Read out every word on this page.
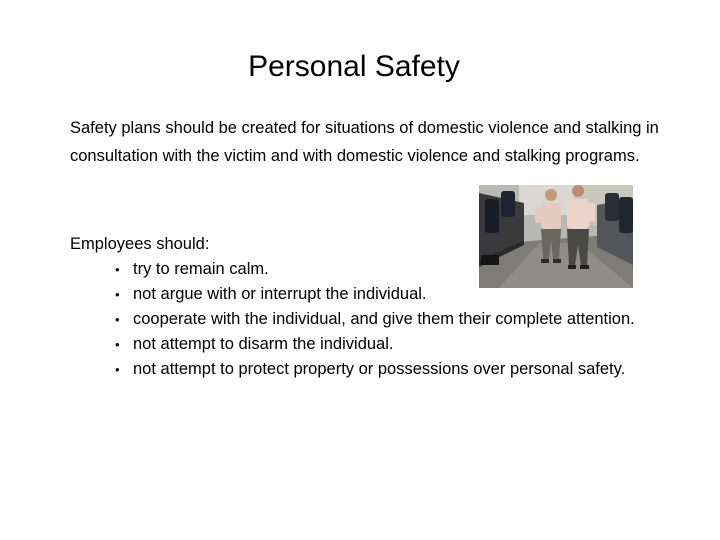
Personal Safety

Safety plans should be created for situations of domestic violence and stalking in consultation with the victim and with domestic violence and stalking programs.

Employees should:

• try to remain calm.
• not argue with or interrupt the individual.
• cooperate with the individual, and give them their complete attention.
• not attempt to disarm the individual.
• not attempt to protect property or possessions over personal safety.
